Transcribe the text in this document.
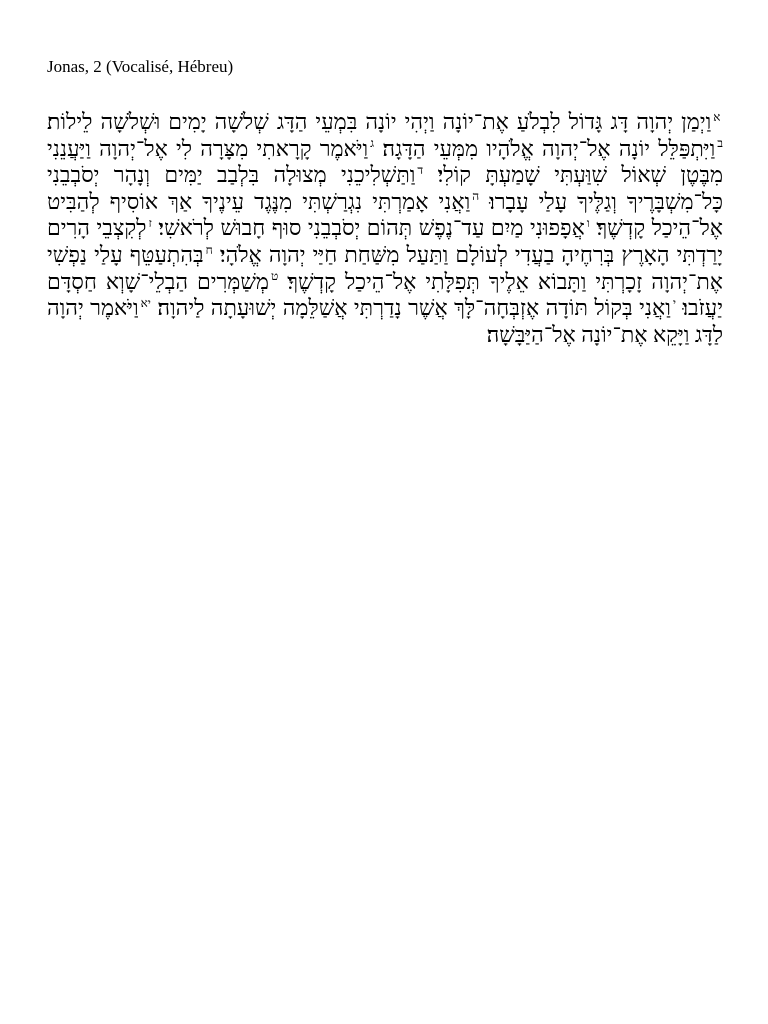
Jonas, 2 (Vocalisé, Hébreu)
$^א$וַיְמַן יְהוָה דָּג גָּדוֹל לִבְלֹעַ אֶת־יוֹנָה וַיְהִי יוֹנָה בִּמְעֵי הַדָּג שְׁלֹשָׁה יָמִים וּשְׁלֹשָׁה לֵילוֹת׃ $^ב$וַיִּתְפַּלֵּל יוֹנָה אֶל־יְהוָה אֱלֹהָיו מִמְּעֵי הַדָּגָה׃ $^ג$וַיֹּאמֶר קָרָאתִי מִצָּרָה לִי אֶל־יְהוָה וַיַּעֲנֵנִי מִבֶּטֶן שְׁאוֹל שִׁוַּעְתִּי שָׁמַעְתָּ קוֹלִי׃ $^ד$וַתַּשְׁלִיכֵנִי מְצוּלָה בִּלְבַב יַמִּים וְנָהָר יְסֹבְבֵנִי כָּל־מִשְׁבָּרֶיךָ וְגַלֶּיךָ עָלַי עָבָרוּ׃ $^ה$וַאֲנִי אָמַרְתִּי נִגְרַשְׁתִּי מִנֶּגֶד עֵינֶיךָ אַךְ אוֹסִיף לְהַבִּיט אֶל־הֵיכַל קָדְשֶׁךָ׃ $^ו$אֲפָפוּנִי מַיִם עַד־נֶפֶשׁ תְּהוֹם יְסֹבְבֵנִי סוּף חָבוּשׁ לְרֹאשִׁי׃ $^ז$לְקִצְבֵי הָרִים יָרַדְתִּי הָאָרֶץ בְּרִחֶיהָ בַעֲדִי לְעוֹלָם וַתַּעַל מִשַּׁחַת חַיַּי יְהוָה אֱלֹהָי׃ $^ח$בְּהִתְעַטֵּף עָלַי נַפְשִׁי אֶת־יְהוָה זָכָרְתִּי וַתָּבוֹא אֵלֶיךָ תְּפִלָּתִי אֶל־הֵיכַל קָדְשֶׁךָ׃ $^ט$מְשַׁמְּרִים הַבְלֵי־שָׁוְא חַסְדָּם יַעֲזֹבוּ׃ $^י$וַאֲנִי בְּקוֹל תּוֹדָה אֶזְבְּחָה־לָּךְ אֲשֶׁר נָדַרְתִּי אֲשַׁלֵּמָה יְשׁוּעָתָה לַיהוָה׃ $^{יא}$וַיֹּאמֶר יְהוָה לַדָּג וַיָּקֵא אֶת־יוֹנָה אֶל־הַיַּבָּשָׁה׃
